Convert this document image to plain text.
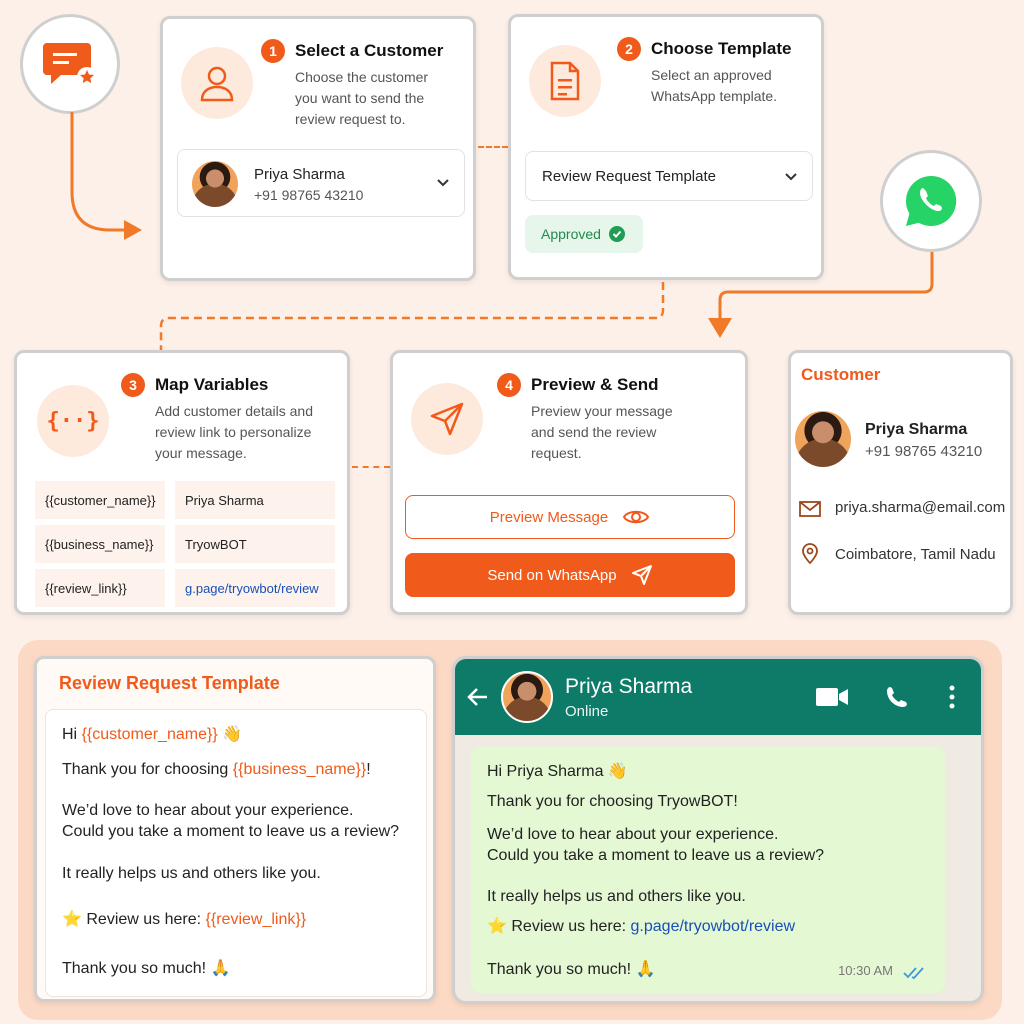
1	Select a Customer
Choose the customer
you want to send the
review request to.
Priya Sharma
+91 98765 43210
2	Choose Template
Select an approved
WhatsApp template.
Review Request Template
Approved
{··}
3	Map Variables
Add customer details and
review link to personalize
your message.
{{customer_name}}	Priya Sharma
{{business_name}}	TryowBOT
{{review_link}}	g.page/tryowbot/review
4	Preview & Send
Preview your message
and send the review
request.
Preview Message
Send on WhatsApp
Customer
Priya Sharma
+91 98765 43210
priya.sharma@email.com
Coimbatore, Tamil Nadu
Review Request Template
Hi {{customer_name}} 👋
Thank you for choosing {{business_name}}!
We’d love to hear about your experience.
Could you take a moment to leave us a review?
It really helps us and others like you.
⭐ Review us here: {{review_link}}
Thank you so much! 🙏
Priya Sharma
Online
Hi Priya Sharma 👋
Thank you for choosing TryowBOT!
We’d love to hear about your experience.
Could you take a moment to leave us a review?
It really helps us and others like you.
⭐ Review us here: g.page/tryowbot/review
Thank you so much! 🙏	10:30 AM
